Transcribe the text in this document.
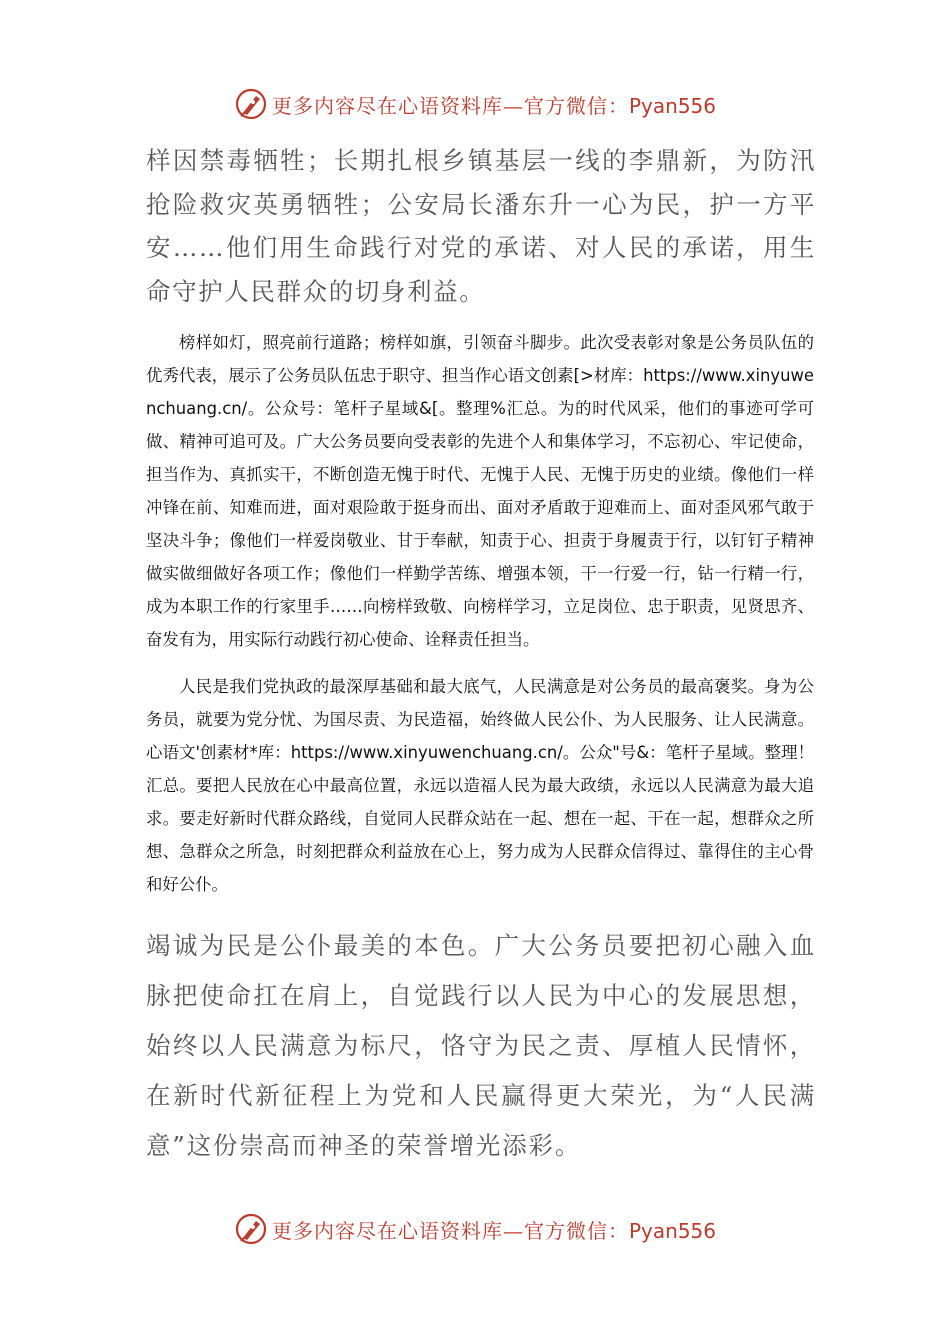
更多内容尽在心语资料库—官方微信：Pyan556

样因禁毒牺牲；长期扎根乡镇基层一线的李鼎新，为防汛抢险救灾英勇牺牲；公安局长潘东升一心为民，护一方平安……他们用生命践行对党的承诺、对人民的承诺，用生命守护人民群众的切身利益。

榜样如灯，照亮前行道路；榜样如旗，引领奋斗脚步。此次受表彰对象是公务员队伍的优秀代表，展示了公务员队伍忠于职守、担当作心语文创素[>材库：https://www.xinyuwenchuang.cn/。公众号：笔杆子星域&[。整理%汇总。为的时代风采，他们的事迹可学可做、精神可追可及。广大公务员要向受表彰的先进个人和集体学习，不忘初心、牢记使命，担当作为、真抓实干，不断创造无愧于时代、无愧于人民、无愧于历史的业绩。像他们一样冲锋在前、知难而进，面对艰险敢于挺身而出、面对矛盾敢于迎难而上、面对歪风邪气敢于坚决斗争；像他们一样爱岗敬业、甘于奉献，知责于心、担责于身履责于行，以钉钉子精神做实做细做好各项工作；像他们一样勤学苦练、增强本领，干一行爱一行，钻一行精一行，成为本职工作的行家里手……向榜样致敬、向榜样学习，立足岗位、忠于职责，见贤思齐、奋发有为，用实际行动践行初心使命、诠释责任担当。

人民是我们党执政的最深厚基础和最大底气，人民满意是对公务员的最高褒奖。身为公务员，就要为党分忧、为国尽责、为民造福，始终做人民公仆、为人民服务、让人民满意。心语文'创素材*库：https://www.xinyuwenchuang.cn/。公众"号&：笔杆子星域。整理！汇总。要把人民放在心中最高位置，永远以造福人民为最大政绩，永远以人民满意为最大追求。要走好新时代群众路线，自觉同人民群众站在一起、想在一起、干在一起，想群众之所想、急群众之所急，时刻把群众利益放在心上，努力成为人民群众信得过、靠得住的主心骨和好公仆。

竭诚为民是公仆最美的本色。广大公务员要把初心融入血脉把使命扛在肩上，自觉践行以人民为中心的发展思想，始终以人民满意为标尺，恪守为民之责、厚植人民情怀，在新时代新征程上为党和人民赢得更大荣光，为“人民满意”这份崇高而神圣的荣誉增光添彩。

更多内容尽在心语资料库—官方微信：Pyan556
